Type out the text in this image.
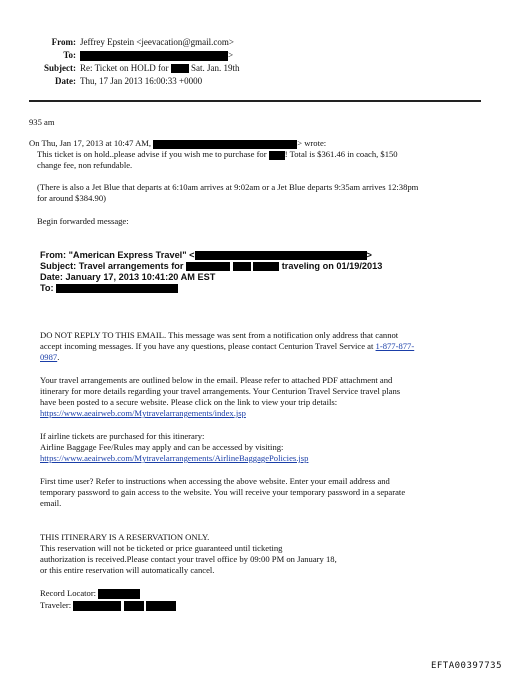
From: Jeffrey Epstein <jeevacation@gmail.com>
To:	>
Subject: Re: Ticket on HOLD for	Sat. Jan. 19th
Date: Thu, 17 Jan 2013 16:00:33 +0000
935 am
On Thu, Jan 17, 2013 at 10:47 AM,	> wrote:
This ticket is on hold..please advise if you wish me to purchase for ! Total is $361.46 in coach, $150
change fee, non refundable.
(There is also a Jet Blue that departs at 6:10am arrives at 9:02am or a Jet Blue departs 9:35am arrives 12:38pm
for around $384.90)
Begin forwarded message:
From: "American Express Travel" <	>
Subject: Travel arrangements for	traveling on 01/19/2013
Date: January 17, 2013 10:41:20 AM EST
To:
DO NOT REPLY TO THIS EMAIL. This message was sent from a notification only address that cannot
accept incoming messages. If you have any questions, please contact Centurion Travel Service at 1-877-877-
0987.
Your travel arrangements are outlined below in the email. Please refer to attached PDF attachment and
itinerary for more details regarding your travel arrangements. Your Centurion Travel Service travel plans
have been posted to a secure website. Please click on the link to view your trip details:
https://www.aeairweb.com/Mytravelarrangements/index.jsp
If airline tickets are purchased for this itinerary:
Airline Baggage Fee/Rules may apply and can be accessed by visiting:
https://www.aeairweb.com/Mytravelarrangements/AirlineBaggagePolicies.jsp
First time user? Refer to instructions when accessing the above website. Enter your email address and
temporary password to gain access to the website. You will receive your temporary password in a separate
email.
THIS ITINERARY IS A RESERVATION ONLY.
This reservation will not be ticketed or price guaranteed until ticketing
authorization is received.Please contact your travel office by 09:00 PM on January 18,
or this entire reservation will automatically cancel.
Record Locator:
Traveler:
EFTA00397735
